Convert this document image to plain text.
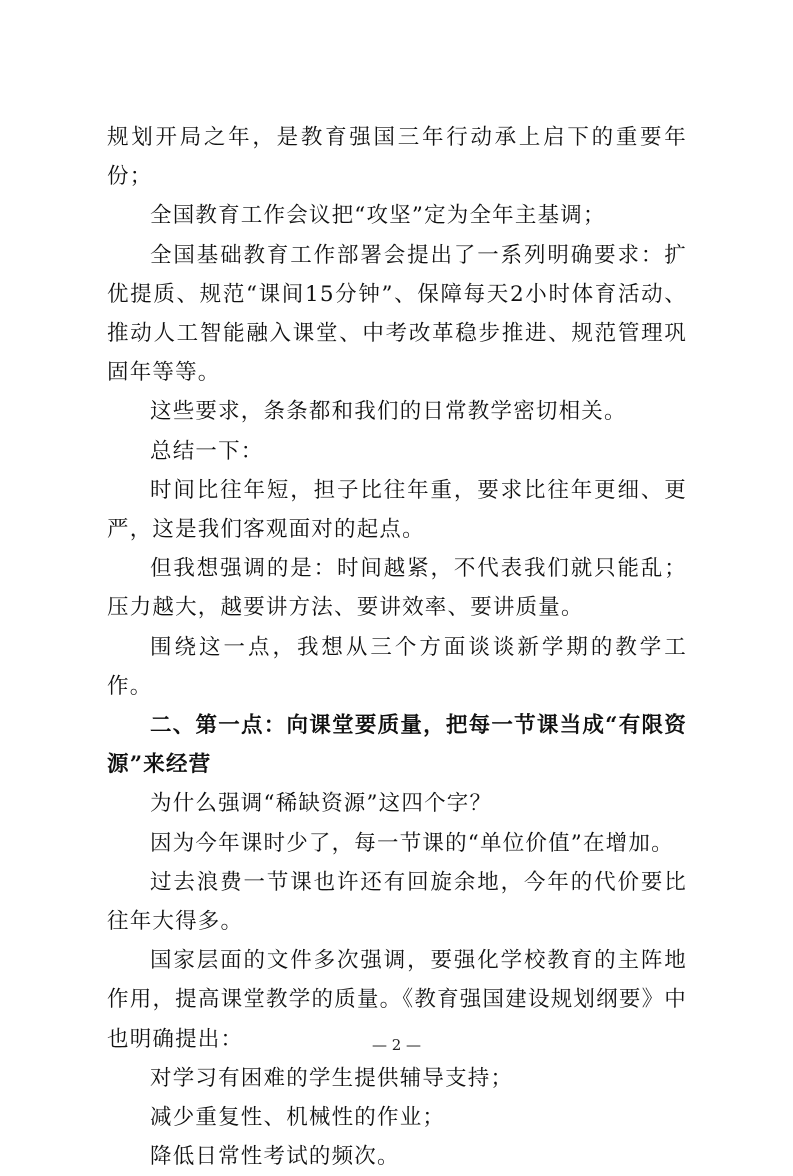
规划开局之年，是教育强国三年行动承上启下的重要年份；

全国教育工作会议把“攻坚”定为全年主基调；

全国基础教育工作部署会提出了一系列明确要求：扩优提质、规范“课间15分钟”、保障每天2小时体育活动、推动人工智能融入课堂、中考改革稳步推进、规范管理巩固年等等。

这些要求，条条都和我们的日常教学密切相关。

总结一下：

时间比往年短，担子比往年重，要求比往年更细、更严，这是我们客观面对的起点。

但我想强调的是：时间越紧，不代表我们就只能乱；压力越大，越要讲方法、要讲效率、要讲质量。

围绕这一点，我想从三个方面谈谈新学期的教学工作。

二、第一点：向课堂要质量，把每一节课当成“有限资源”来经营

为什么强调“稀缺资源”这四个字？

因为今年课时少了，每一节课的“单位价值”在增加。

过去浪费一节课也许还有回旋余地，今年的代价要比往年大得多。

国家层面的文件多次强调，要强化学校教育的主阵地作用，提高课堂教学的质量。《教育强国建设规划纲要》中也明确提出：

对学习有困难的学生提供辅导支持；

减少重复性、机械性的作业；

降低日常性考试的频次。

— 2 —
